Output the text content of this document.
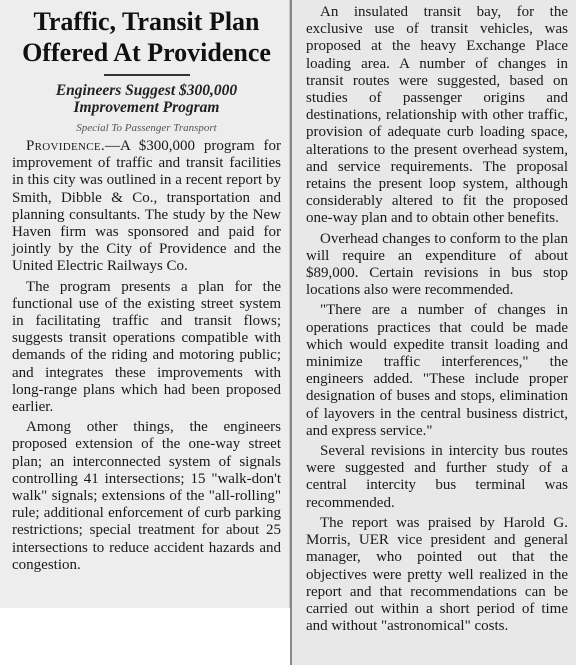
Traffic, Transit Plan Offered At Providence
Engineers Suggest $300,000 Improvement Program
Special To Passenger Transport

Providence.—A $300,000 program for improvement of traffic and transit facilities in this city was outlined in a recent report by Smith, Dibble & Co., transportation and planning consultants. The study by the New Haven firm was sponsored and paid for jointly by the City of Providence and the United Electric Railways Co.

The program presents a plan for the functional use of the existing street system in facilitating traffic and transit flows; suggests transit operations compatible with demands of the riding and motoring public; and integrates these improvements with long-range plans which had been proposed earlier.

Among other things, the engineers proposed extension of the one-way street plan; an interconnected system of signals controlling 41 intersections; 15 "walk-don't walk" signals; extensions of the "all-rolling" rule; additional enforcement of curb parking restrictions; special treatment for about 25 intersections to reduce accident hazards and congestion.

An insulated transit bay, for the exclusive use of transit vehicles, was proposed at the heavy Exchange Place loading area. A number of changes in transit routes were suggested, based on studies of passenger origins and destinations, relationship with other traffic, provision of adequate curb loading space, alterations to the present overhead system, and service requirements. The proposal retains the present loop system, although considerably altered to fit the proposed one-way plan and to obtain other benefits.

Overhead changes to conform to the plan will require an expenditure of about $89,000. Certain revisions in bus stop locations also were recommended.

"There are a number of changes in operations practices that could be made which would expedite transit loading and minimize traffic interferences," the engineers added. "These include proper designation of buses and stops, elimination of layovers in the central business district, and express service."

Several revisions in intercity bus routes were suggested and further study of a central intercity bus terminal was recommended.

The report was praised by Harold G. Morris, UER vice president and general manager, who pointed out that the objectives were pretty well realized in the report and that recommendations can be carried out within a short period of time and without "astronomical" costs.
